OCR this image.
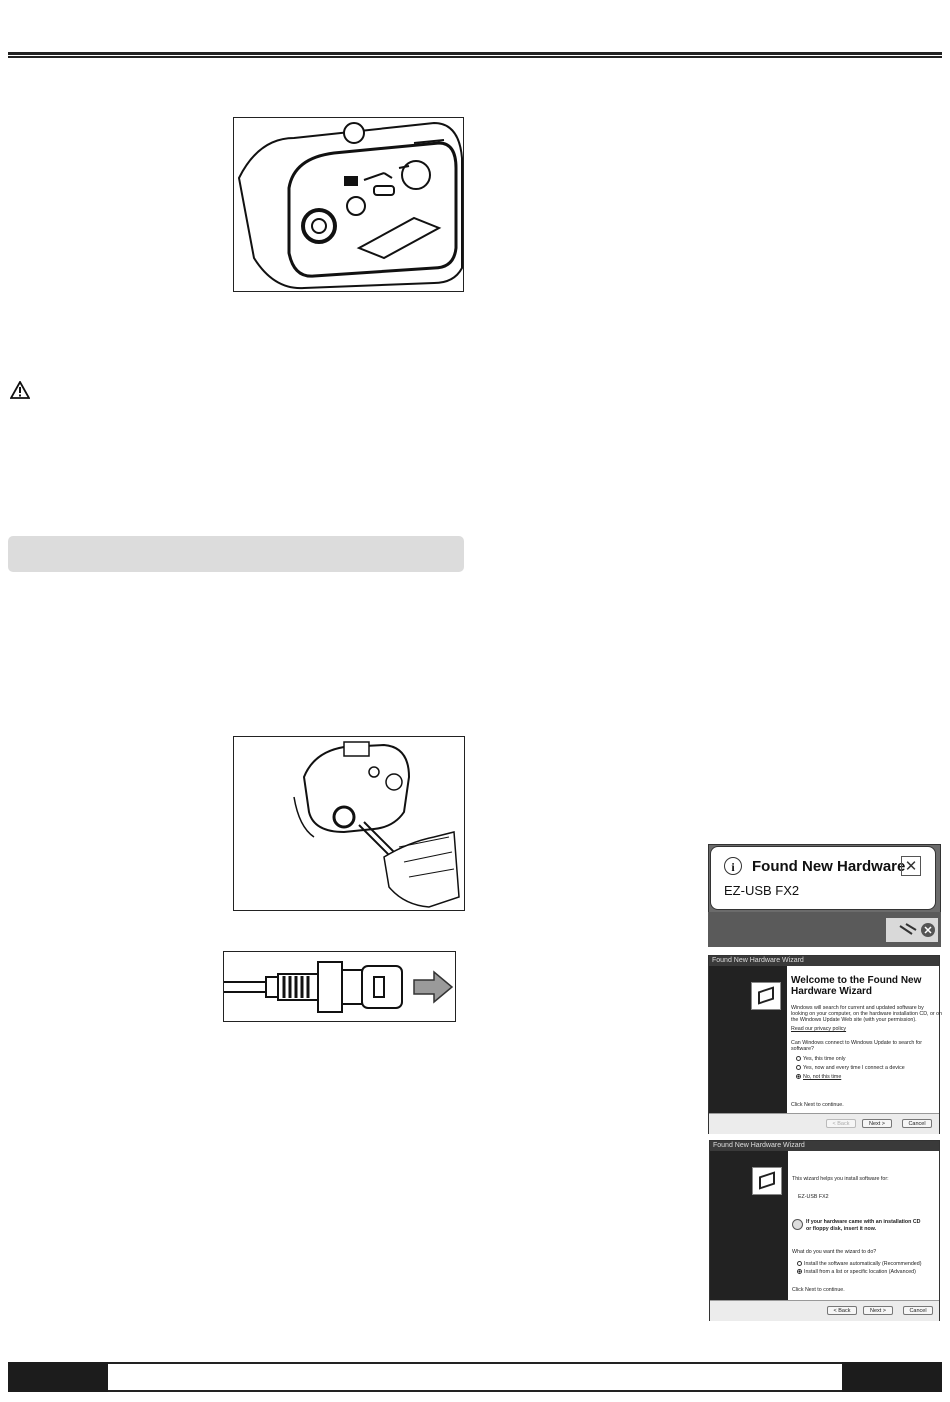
i	Found New Hardware
EZ-USB FX2
✕
Found New Hardware Wizard
Welcome to the Found New
Hardware Wizard
Windows will search for current and updated software by
looking on your computer, on the hardware installation CD, or on
the Windows Update Web site (with your permission).
Read our privacy policy
Can Windows connect to Windows Update to search for
software?
Yes, this time only
Yes, now and every time I connect a device
No, not this time
Click Next to continue.
< Back	Next >	Cancel
Found New Hardware Wizard
This wizard helps you install software for:
EZ-USB FX2
If your hardware came with an installation CD
or floppy disk, insert it now.
What do you want the wizard to do?
Install the software automatically (Recommended)
Install from a list or specific location (Advanced)
Click Next to continue.
< Back	Next >	Cancel
